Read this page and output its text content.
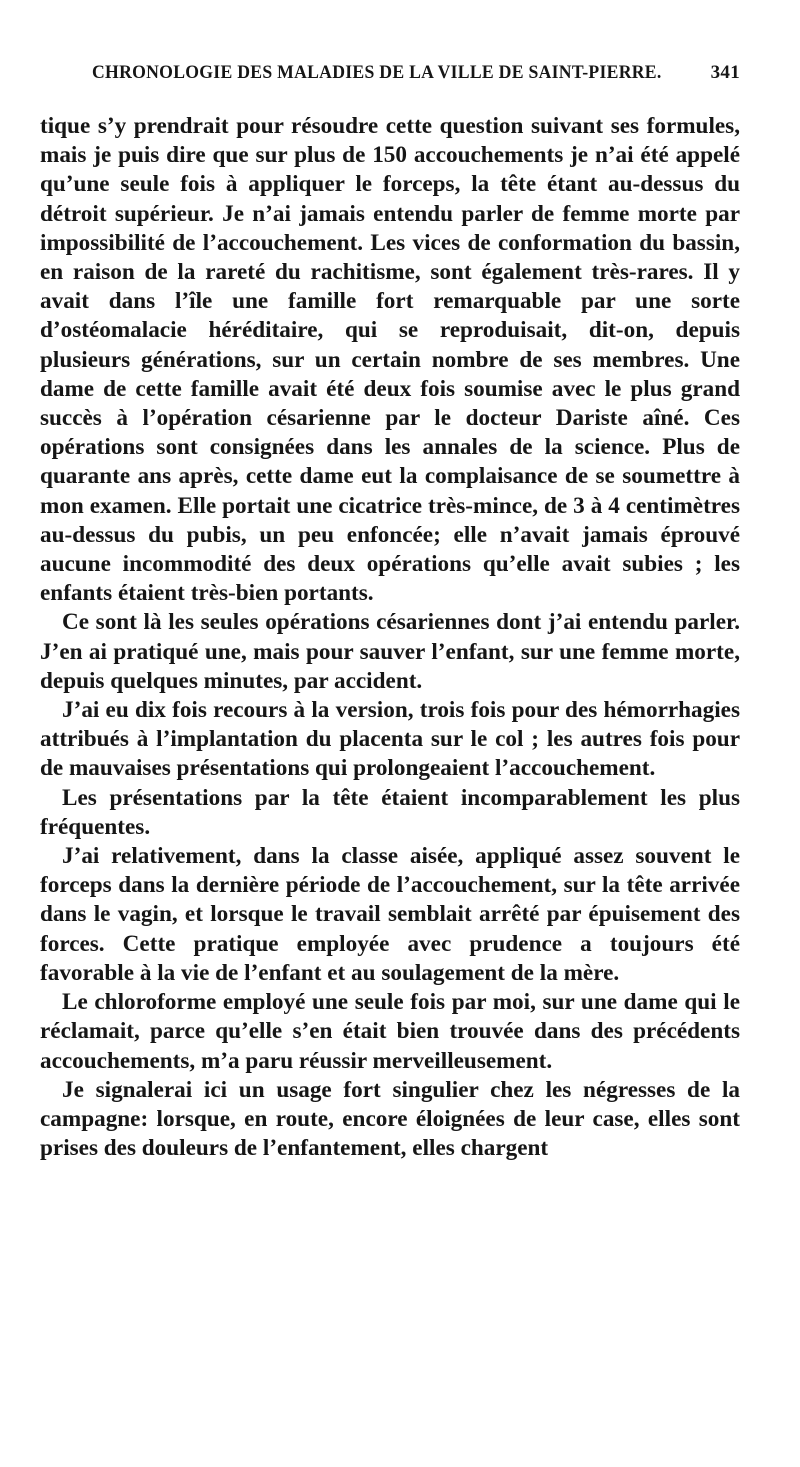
CHRONOLOGIE DES MALADIES DE LA VILLE DE SAINT-PIERRE.	341

tique s’y prendrait pour résoudre cette question suivant ses formules, mais je puis dire que sur plus de 150 accouchements je n’ai été appelé qu’une seule fois à appliquer le forceps, la tête étant au-dessus du détroit supérieur. Je n’ai jamais entendu parler de femme morte par impossibilité de l’accouchement. Les vices de conformation du bassin, en raison de la rareté du rachitisme, sont également très-rares. Il y avait dans l’île une famille fort remarquable par une sorte d’ostéomalacie héréditaire, qui se reproduisait, dit-on, depuis plusieurs générations, sur un certain nombre de ses membres. Une dame de cette famille avait été deux fois soumise avec le plus grand succès à l’opération césarienne par le docteur Dariste aîné. Ces opérations sont consignées dans les annales de la science. Plus de quarante ans après, cette dame eut la complaisance de se soumettre à mon examen. Elle portait une cicatrice très-mince, de 3 à 4 centimètres au-dessus du pubis, un peu enfoncée; elle n’avait jamais éprouvé aucune incommodité des deux opérations qu’elle avait subies ; les enfants étaient très-bien portants.

Ce sont là les seules opérations césariennes dont j’ai entendu parler. J’en ai pratiqué une, mais pour sauver l’enfant, sur une femme morte, depuis quelques minutes, par accident.

J’ai eu dix fois recours à la version, trois fois pour des hémorrhagies attribués à l’implantation du placenta sur le col ; les autres fois pour de mauvaises présentations qui prolongeaient l’accouchement.

Les présentations par la tête étaient incomparablement les plus fréquentes.

J’ai relativement, dans la classe aisée, appliqué assez souvent le forceps dans la dernière période de l’accouchement, sur la tête arrivée dans le vagin, et lorsque le travail semblait arrêté par épuisement des forces. Cette pratique employée avec prudence a toujours été favorable à la vie de l’enfant et au soulagement de la mère.

Le chloroforme employé une seule fois par moi, sur une dame qui le réclamait, parce qu’elle s’en était bien trouvée dans des précédents accouchements, m’a paru réussir merveilleusement.

Je signalerai ici un usage fort singulier chez les négresses de la campagne: lorsque, en route, encore éloignées de leur case, elles sont prises des douleurs de l’enfantement, elles chargent
